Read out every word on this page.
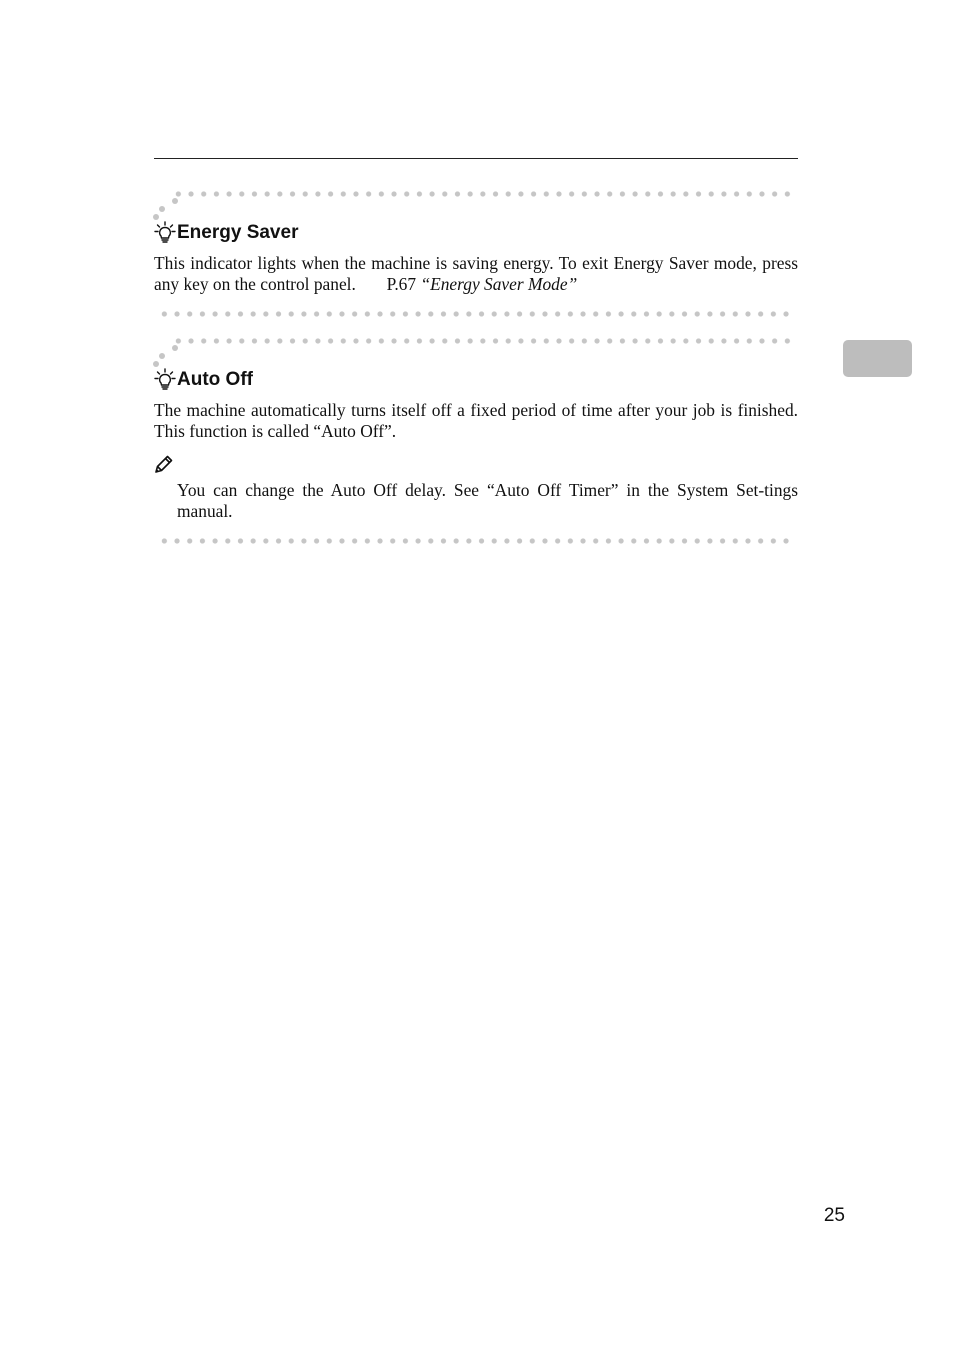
Energy Saver
This indicator lights when the machine is saving energy. To exit Energy Saver mode, press any key on the control panel. P.67 “Energy Saver Mode”
Auto Off
The machine automatically turns itself off a fixed period of time after your job is finished. This function is called “Auto Off”.
You can change the Auto Off delay. See “Auto Off Timer” in the System Set-tings manual.
25
